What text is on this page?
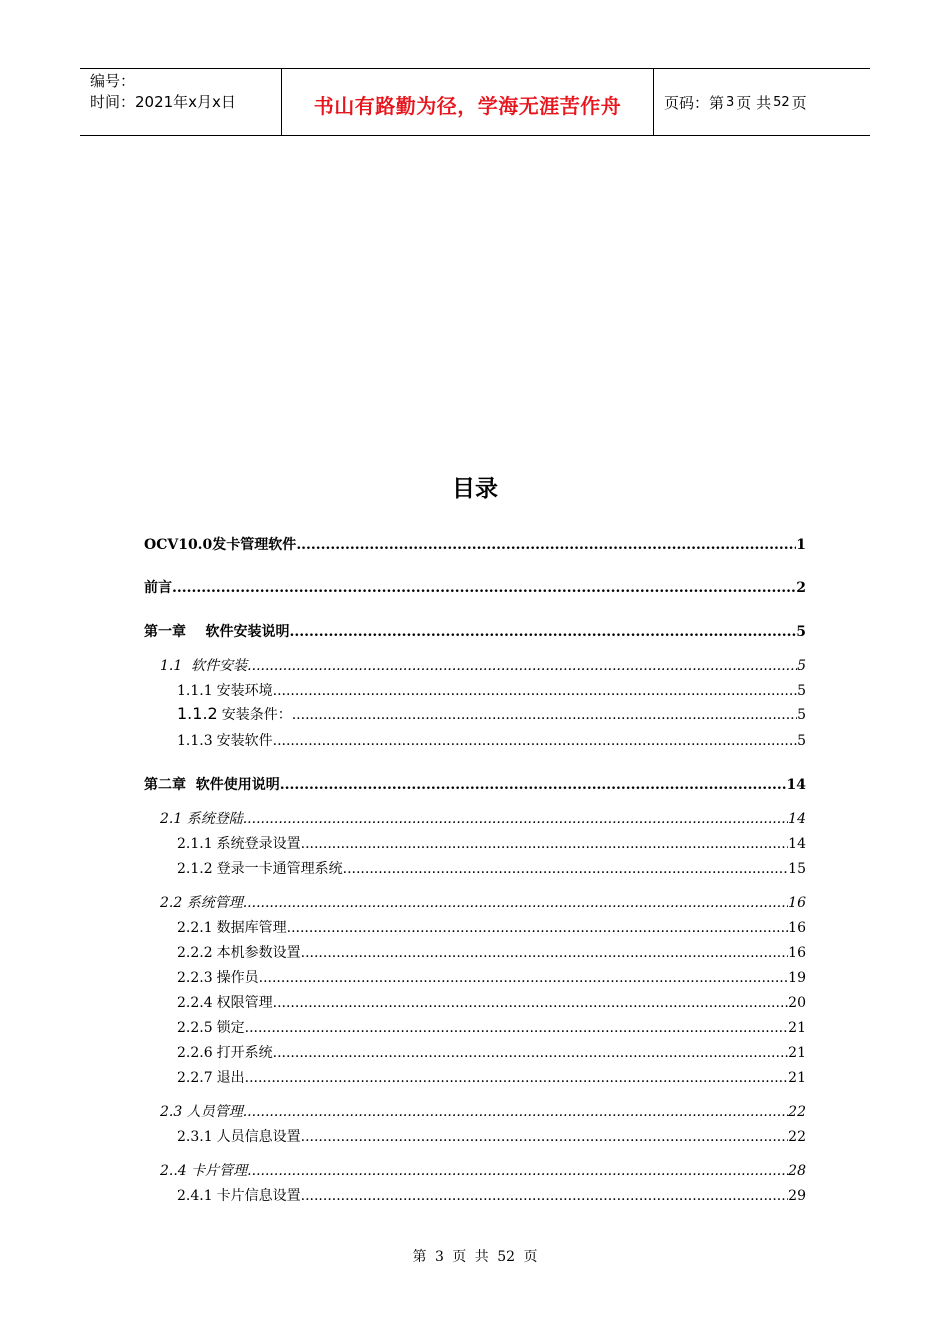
编号：
时间：2021年x月x日	书山有路勤为径，学海无涯苦作舟	页码：第 3 页 共 52 页
目录
OCV10.0发卡管理软件 .....	1
前言 .....	2
第一章    软件安装说明 .....	5
1.1  软件安装 .....	5
1.1.1 安装环境 .....	5
1.1.2 安装条件： .....	5
1.1.3 安装软件 .....	5
第二章  软件使用说明 .....	14
2.1 系统登陆 .....	14
2.1.1 系统登录设置 .....	14
2.1.2 登录一卡通管理系统 .....	15
2.2 系统管理 .....	16
2.2.1 数据库管理 .....	16
2.2.2 本机参数设置 .....	16
2.2.3 操作员 .....	19
2.2.4 权限管理 .....	20
2.2.5 锁定 .....	21
2.2.6 打开系统 .....	21
2.2.7 退出 .....	21
2.3 人员管理 .....	22
2.3.1 人员信息设置 .....	22
2..4 卡片管理 .....	28
2.4.1 卡片信息设置 .....	29
第 3 页 共 52 页
